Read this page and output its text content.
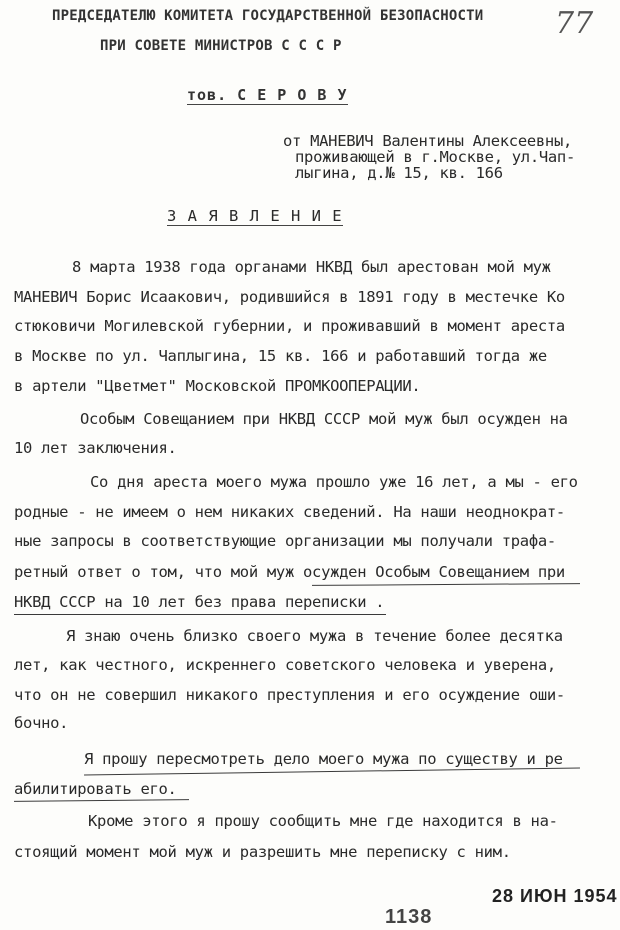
77
ПРЕДСЕДАТЕЛЮ КОМИТЕТА ГОСУДАРСТВЕННОЙ БЕЗОПАСНОСТИ
ПРИ СОВЕТЕ МИНИСТРОВ С С С Р
тов. С Е Р О В У
от МАНЕВИЧ Валентины Алексеевны,
проживающей в г.Москве, ул.Чап-
лыгина, д.№ 15, кв. 166
З А Я В Л Е Н И Е
8 марта 1938 года органами НКВД был арестован мой муж
МАНЕВИЧ Борис Исаакович, родившийся в 1891 году в местечке Ко
стюковичи Могилевской губернии, и проживавший в момент ареста
в Москве по ул. Чаплыгина, 15 кв. 166 и работавший тогда же
в артели "Цветмет" Московской ПРОМКООПЕРАЦИИ.
Особым Совещанием при НКВД СССР мой муж был осужден на
10 лет заключения.
Со дня ареста моего мужа прошло уже 16 лет, а мы - его
родные - не имеем о нем никаких сведений. На наши неоднократ-
ные запросы в соответствующие организации мы получали трафа-
ретный ответ о том, что мой муж осужден Особым Совещанием при
НКВД СССР на 10 лет без права переписки .
Я знаю очень близко своего мужа в течение более десятка
лет, как честного, искреннего советского человека и уверена,
что он не совершил никакого преступления и его осуждение оши-
бочно.
Я прошу пересмотреть дело моего мужа по существу и ре
абилитировать его.
Кроме этого я прошу сообщить мне где находится в на-
стоящий момент мой муж и разрешить мне переписку с ним.
28 ИЮН 1954
1138
